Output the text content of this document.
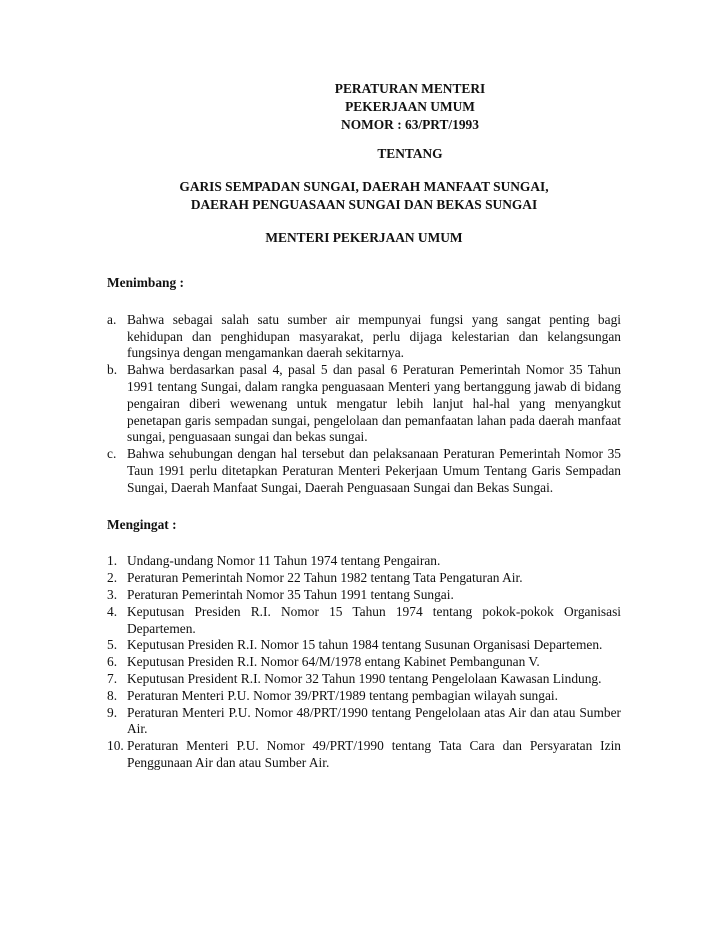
PERATURAN MENTERI
PEKERJAAN UMUM
NOMOR : 63/PRT/1993
TENTANG
GARIS SEMPADAN SUNGAI, DAERAH MANFAAT SUNGAI,
DAERAH PENGUASAAN SUNGAI DAN BEKAS SUNGAI
MENTERI PEKERJAAN UMUM
Menimbang :
a. Bahwa sebagai salah satu sumber air mempunyai fungsi yang sangat penting bagi kehidupan dan penghidupan masyarakat, perlu dijaga kelestarian dan kelangsungan fungsinya dengan mengamankan daerah sekitarnya.
b. Bahwa berdasarkan pasal 4, pasal 5 dan pasal 6 Peraturan Pemerintah Nomor 35 Tahun 1991 tentang Sungai, dalam rangka penguasaan Menteri yang bertanggung jawab di bidang pengairan diberi wewenang untuk mengatur lebih lanjut hal-hal yang menyangkut penetapan garis sempadan sungai, pengelolaan dan pemanfaatan lahan pada daerah manfaat sungai, penguasaan sungai dan bekas sungai.
c. Bahwa sehubungan dengan hal tersebut dan pelaksanaan Peraturan Pemerintah Nomor 35 Taun 1991 perlu ditetapkan Peraturan Menteri Pekerjaan Umum Tentang Garis Sempadan Sungai, Daerah Manfaat Sungai, Daerah Penguasaan Sungai dan Bekas Sungai.
Mengingat :
1. Undang-undang Nomor 11 Tahun 1974 tentang Pengairan.
2. Peraturan Pemerintah Nomor 22 Tahun 1982 tentang Tata Pengaturan Air.
3. Peraturan Pemerintah Nomor 35 Tahun 1991 tentang Sungai.
4. Keputusan Presiden R.I. Nomor 15 Tahun 1974 tentang pokok-pokok Organisasi Departemen.
5. Keputusan Presiden R.I. Nomor 15 tahun 1984 tentang Susunan Organisasi Departemen.
6. Keputusan Presiden R.I. Nomor 64/M/1978 entang Kabinet Pembangunan V.
7. Keputusan President R.I. Nomor 32 Tahun 1990 tentang Pengelolaan Kawasan Lindung.
8. Peraturan Menteri P.U. Nomor 39/PRT/1989 tentang pembagian wilayah sungai.
9. Peraturan Menteri P.U. Nomor 48/PRT/1990 tentang Pengelolaan atas Air dan atau Sumber Air.
10. Peraturan Menteri P.U. Nomor 49/PRT/1990 tentang Tata Cara dan Persyaratan Izin Penggunaan Air dan atau Sumber Air.
